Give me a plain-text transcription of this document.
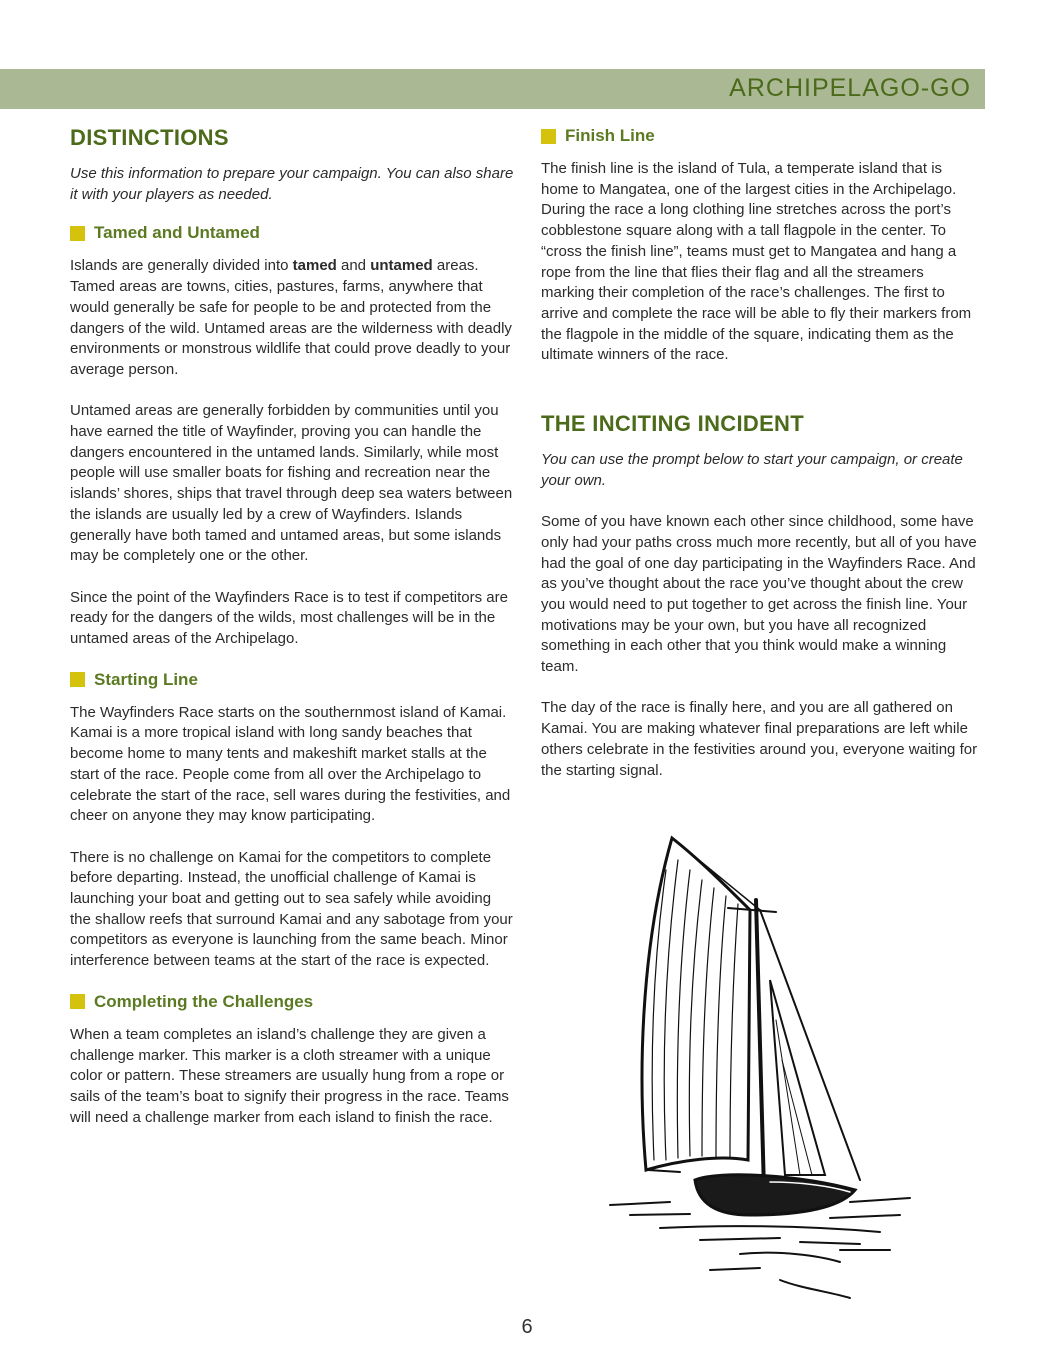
ARCHIPELAGO-GO
DISTINCTIONS

Use this information to prepare your campaign. You can also share it with your players as needed.

Tamed and Untamed

Islands are generally divided into tamed and untamed areas. Tamed areas are towns, cities, pastures, farms, anywhere that would generally be safe for people to be and protected from the dangers of the wild. Untamed areas are the wilderness with deadly environments or monstrous wildlife that could prove deadly to your average person.

Untamed areas are generally forbidden by communities until you have earned the title of Wayfinder, proving you can handle the dangers encountered in the untamed lands. Similarly, while most people will use smaller boats for fishing and recreation near the islands’ shores, ships that travel through deep sea waters between the islands are usually led by a crew of Wayfinders. Islands generally have both tamed and untamed areas, but some islands may be completely one or the other.

Since the point of the Wayfinders Race is to test if competitors are ready for the dangers of the wilds, most challenges will be in the untamed areas of the Archipelago.

Starting Line

The Wayfinders Race starts on the southernmost island of Kamai. Kamai is a more tropical island with long sandy beaches that become home to many tents and makeshift market stalls at the start of the race. People come from all over the Archipelago to celebrate the start of the race, sell wares during the festivities, and cheer on anyone they may know participating.

There is no challenge on Kamai for the competitors to complete before departing. Instead, the unofficial challenge of Kamai is launching your boat and getting out to sea safely while avoiding the shallow reefs that surround Kamai and any sabotage from your competitors as everyone is launching from the same beach. Minor interference between teams at the start of the race is expected.

Completing the Challenges

When a team completes an island’s challenge they are given a challenge marker. This marker is a cloth streamer with a unique color or pattern. These streamers are usually hung from a rope or sails of the team’s boat to signify their progress in the race. Teams will need a challenge marker from each island to finish the race.

Finish Line

The finish line is the island of Tula, a temperate island that is home to Mangatea, one of the largest cities in the Archipelago. During the race a long clothing line stretches across the port’s cobblestone square along with a tall flagpole in the center. To “cross the finish line”, teams must get to Mangatea and hang a rope from the line that flies their flag and all the streamers marking their completion of the race’s challenges. The first to arrive and complete the race will be able to fly their markers from the flagpole in the middle of the square, indicating them as the ultimate winners of the race.

THE INCITING INCIDENT

You can use the prompt below to start your campaign, or create your own.

Some of you have known each other since childhood, some have only had your paths cross much more recently, but all of you have had the goal of one day participating in the Wayfinders Race. And as you’ve thought about the race you’ve thought about the crew you would need to put together to get across the finish line. Your motivations may be your own, but you have all recognized something in each other that you think would make a winning team.

The day of the race is finally here, and you are all gathered on Kamai. You are making whatever final preparations are left while others celebrate in the festivities around you, everyone waiting for the starting signal.

6
